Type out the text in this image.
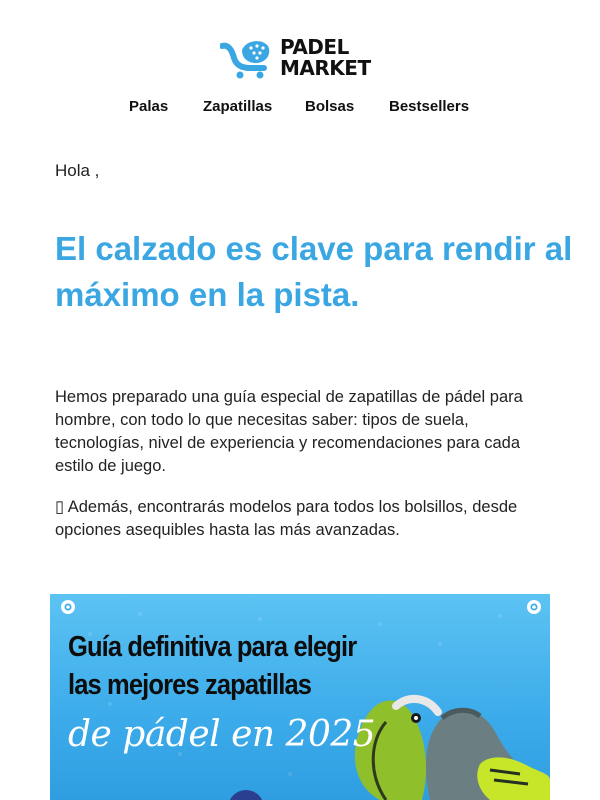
PADEL
MARKET
Palas Zapatillas Bolsas Bestsellers
Hola ,
El calzado es clave para rendir al máximo en la pista.

Hemos preparado una guía especial de zapatillas de pádel para hombre, con todo lo que necesitas saber: tipos de suela, tecnologías, nivel de experiencia y recomendaciones para cada estilo de juego.

▯ Además, encontrarás modelos para todos los bolsillos, desde opciones asequibles hasta las más avanzadas.

Guía definitiva para elegir
las mejores zapatillas
de pádel en 2025
